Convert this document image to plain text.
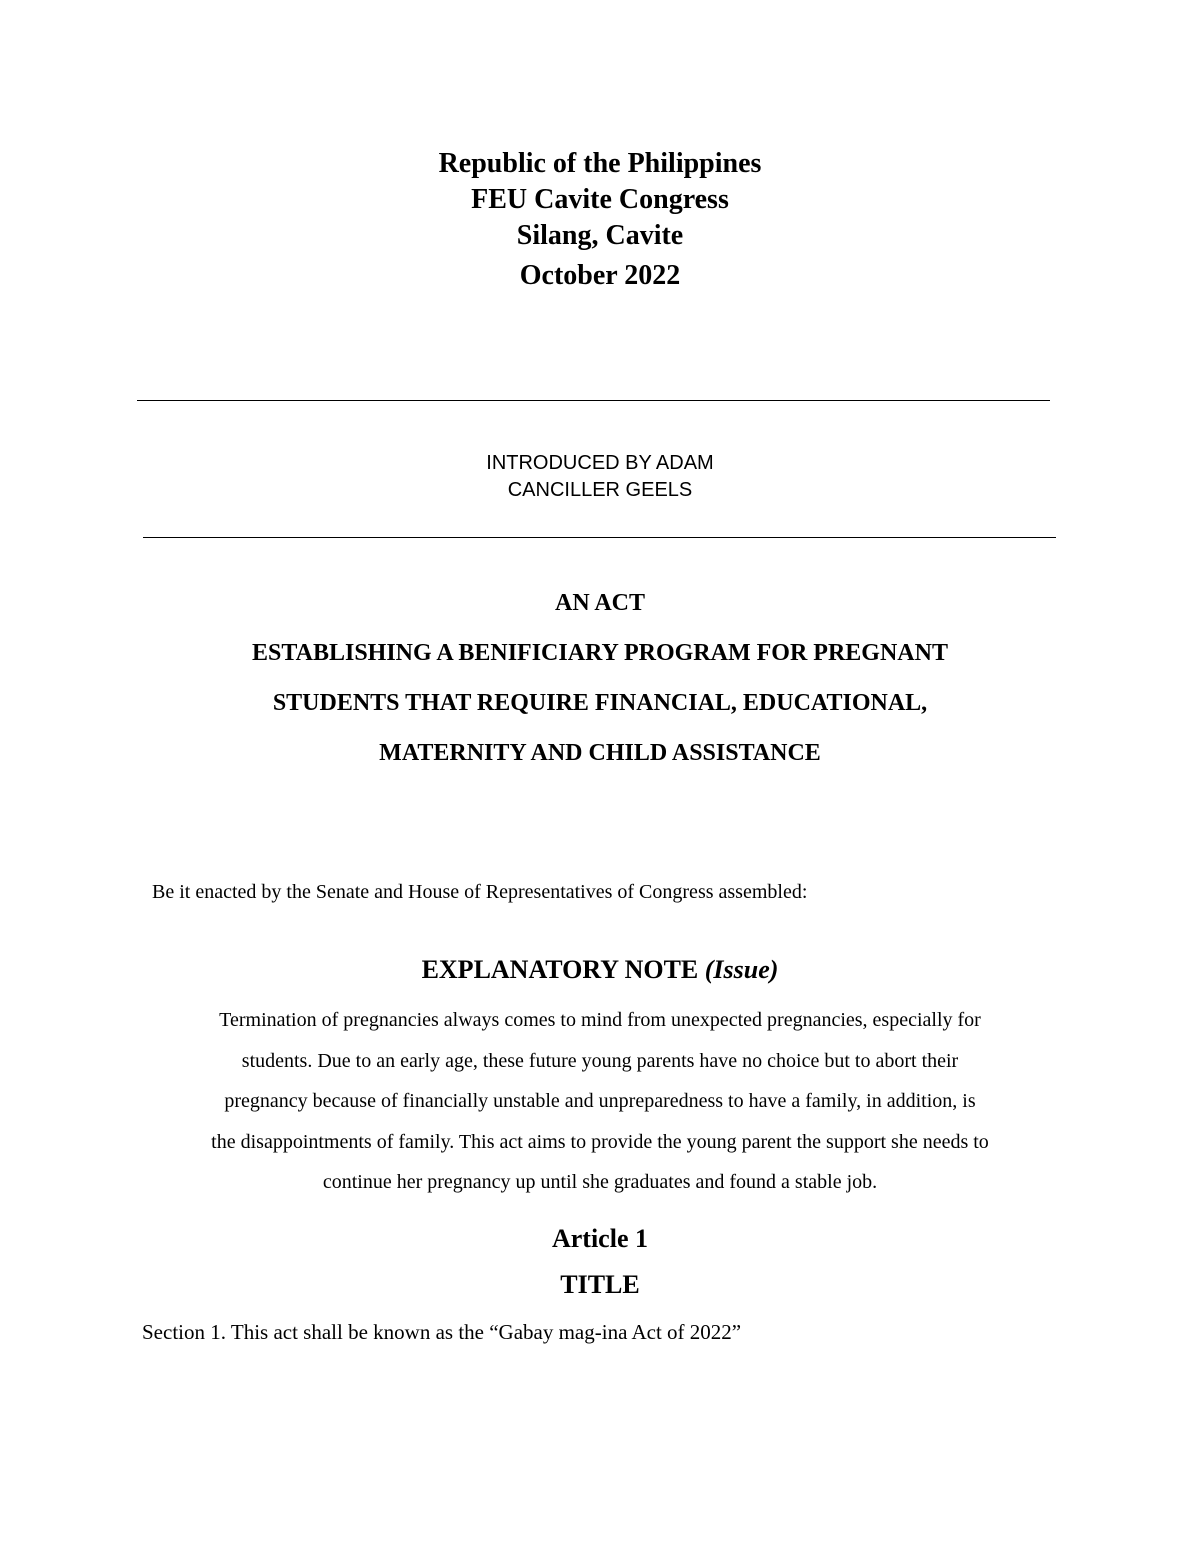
Republic of the Philippines
FEU Cavite Congress
Silang, Cavite
October 2022
INTRODUCED BY ADAM
CANCILLER GEELS
AN ACT
ESTABLISHING A BENIFICIARY PROGRAM FOR PREGNANT
STUDENTS THAT REQUIRE FINANCIAL, EDUCATIONAL,
MATERNITY AND CHILD ASSISTANCE
Be it enacted by the Senate and House of Representatives of Congress assembled:
EXPLANATORY NOTE (Issue)
Termination of pregnancies always comes to mind from unexpected pregnancies, especially for
students. Due to an early age, these future young parents have no choice but to abort their
pregnancy because of financially unstable and unpreparedness to have a family, in addition, is
the disappointments of family. This act aims to provide the young parent the support she needs to
continue her pregnancy up until she graduates and found a stable job.
Article 1
TITLE
Section 1. This act shall be known as the “Gabay mag-ina Act of 2022”
